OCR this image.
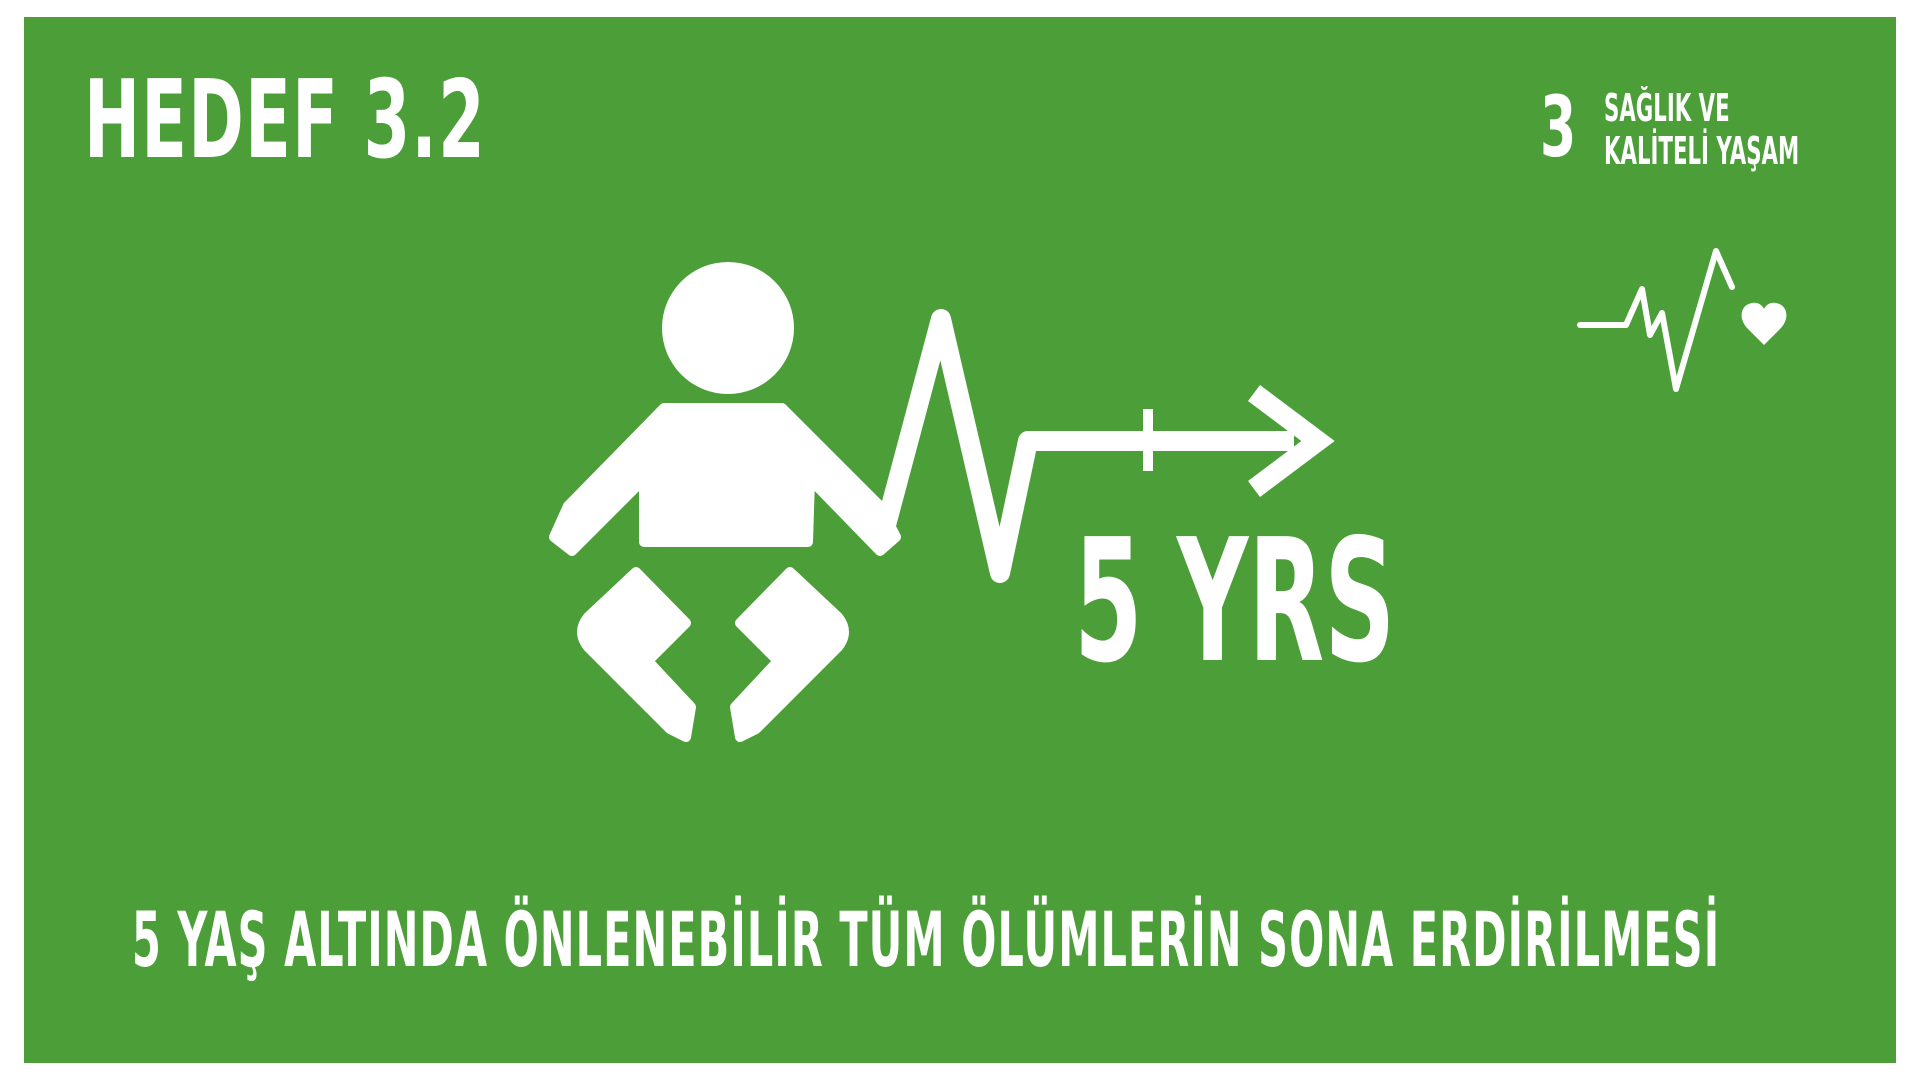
HEDEF 3.2	3 SAĞLIK VE
KALİTELİ YAŞAM
5 YRS
5 YAŞ ALTINDA ÖNLENEBİLİR TÜM ÖLÜMLERİN SONA ERDİRİLMESİ
